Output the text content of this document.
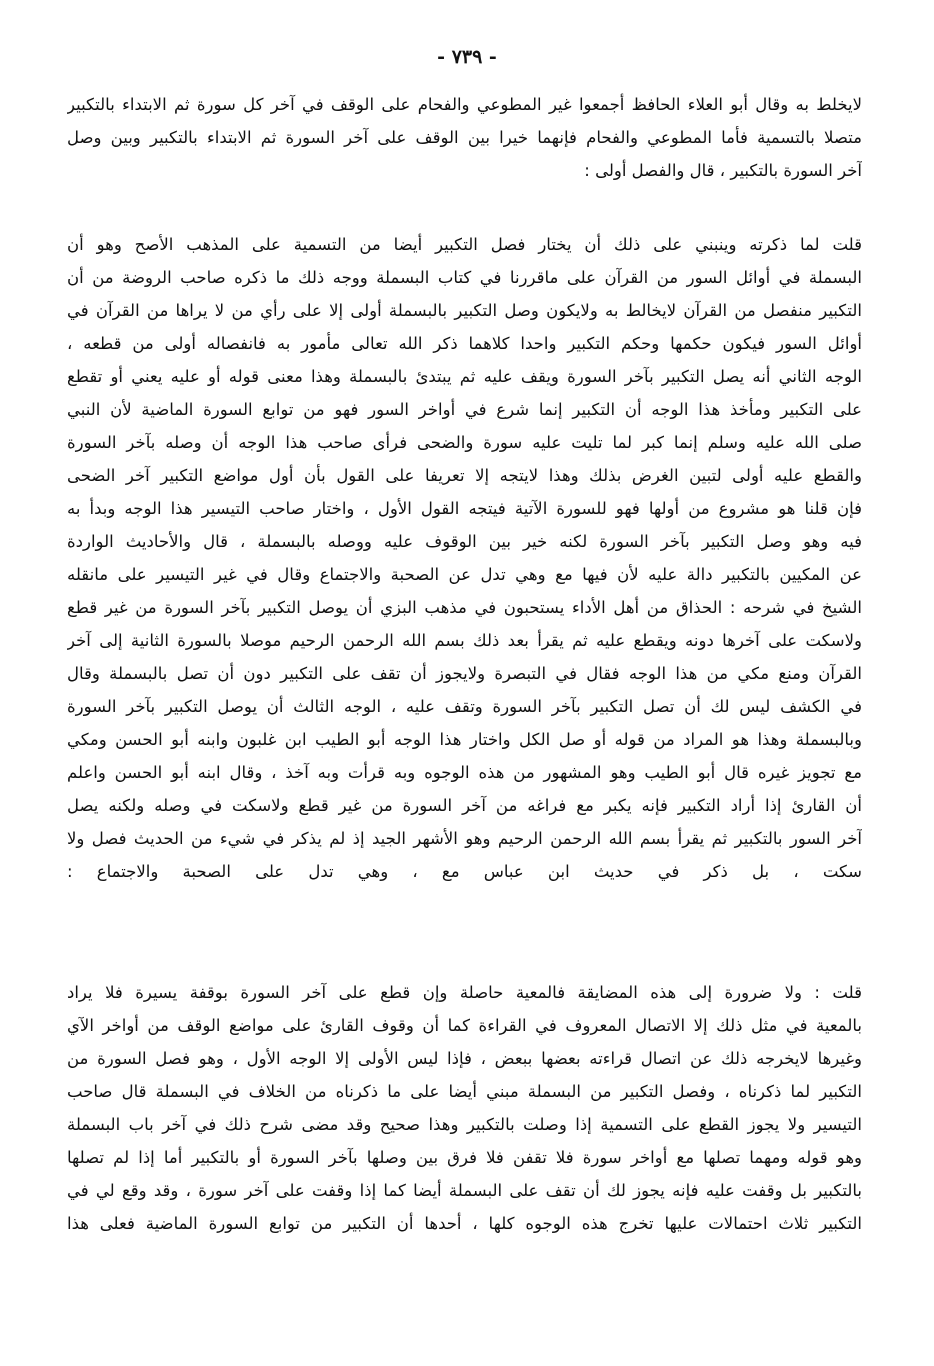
- ٧٣٩ -
لايخلط به وقال أبو العلاء الحافظ أجمعوا غير المطوعي والفحام على الوقف في آخر كل سورة ثم الابتداء بالتكبير
متصلا بالتسمية فأما المطوعي والفحام فإنهما خيرا بين الوقف على آخر السورة ثم الابتداء بالتكبير وبين وصل
آخر السورة بالتكبير ، قال والفصل أولى :
قلت لما ذكرته وينبني على ذلك أن يختار فصل التكبير أيضا من التسمية على المذهب الأصح وهو أن
البسملة في أوائل السور من القرآن على ماقررنا في كتاب البسملة ووجه ذلك ما ذكره صاحب الروضة من أن
التكبير منفصل من القرآن لايخالط به ولايكون وصل التكبير بالبسملة أولى إلا على رأي من لا يراها من القرآن في
أوائل السور فيكون حكمها وحكم التكبير واحدا كلاهما ذكر الله تعالى مأمور به فانفصاله أولى من قطعه ،
الوجه الثاني أنه يصل التكبير بآخر السورة ويقف عليه ثم يبتدئ بالبسملة وهذا معنى قوله أو عليه يعني أو تقطع
على التكبير ومأخذ هذا الوجه أن التكبير إنما شرع في أواخر السور فهو من توابع السورة الماضية لأن النبي
صلى الله عليه وسلم إنما كبر لما تليت عليه سورة والضحى فرأى صاحب هذا الوجه أن وصله بآخر السورة
والقطع عليه أولى لتبين الغرض بذلك وهذا لايتجه إلا تعريفا على القول بأن أول مواضع التكبير آخر الضحى
فإن قلنا هو مشروع من أولها فهو للسورة الآتية فيتجه القول الأول ، واختار صاحب التيسير هذا الوجه وبدأ به
فيه وهو وصل التكبير بآخر السورة لكنه خير بين الوقوف عليه ووصله بالبسملة ، قال والأحاديث الواردة
عن المكيين بالتكبير دالة عليه لأن فيها مع وهي تدل عن الصحبة والاجتماع وقال في غير التيسير على مانقله
الشيخ في شرحه : الحذاق من أهل الأداء يستحبون في مذهب البزي أن يوصل التكبير بآخر السورة من غير قطع
ولاسكت على آخرها دونه ويقطع عليه ثم يقرأ بعد ذلك بسم الله الرحمن الرحيم موصلا بالسورة الثانية إلى آخر
القرآن ومنع مكي من هذا الوجه فقال في التبصرة ولايجوز أن تقف على التكبير دون أن تصل بالبسملة وقال
في الكشف ليس لك أن تصل التكبير بآخر السورة وتقف عليه ، الوجه الثالث أن يوصل التكبير بآخر السورة
وبالبسملة وهذا هو المراد من قوله أو صل الكل واختار هذا الوجه أبو الطيب ابن غلبون وابنه أبو الحسن ومكي
مع تجويز غيره قال أبو الطيب وهو المشهور من هذه الوجوه وبه قرأت وبه آخذ ، وقال ابنه أبو الحسن واعلم
أن القارئ إذا أراد التكبير فإنه يكبر مع فراغه من آخر السورة من غير قطع ولاسكت في وصله ولكنه يصل
آخر السور بالتكبير ثم يقرأ بسم الله الرحمن الرحيم وهو الأشهر الجيد إذ لم يذكر في شيء من الحديث فصل ولا
سكت ، بل ذكر في حديث ابن عباس مع ، وهي تدل على الصحبة والاجتماع :
قلت : ولا ضرورة إلى هذه المضايقة فالمعية حاصلة وإن قطع على آخر السورة بوقفة يسيرة فلا يراد
بالمعية في مثل ذلك إلا الاتصال المعروف في القراءة كما أن وقوف القارئ على مواضع الوقف من أواخر الآي
وغيرها لايخرجه ذلك عن اتصال قراءته بعضها ببعض ، فإذا ليس الأولى إلا الوجه الأول ، وهو فصل السورة من
التكبير لما ذكرناه ، وفصل التكبير من البسملة مبني أيضا على ما ذكرناه من الخلاف في البسملة قال صاحب
التيسير ولا يجوز القطع على التسمية إذا وصلت بالتكبير وهذا صحيح وقد مضى شرح ذلك في آخر باب البسملة
وهو قوله ومهما تصلها مع أواخر سورة فلا تقفن فلا فرق بين وصلها بآخر السورة أو بالتكبير أما إذا لم تصلها
بالتكبير بل وقفت عليه فإنه يجوز لك أن تقف على البسملة أيضا كما إذا وقفت على آخر سورة ، وقد وقع لي في
التكبير ثلاث احتمالات عليها تخرج هذه الوجوه كلها ، أحدها أن التكبير من توابع السورة الماضية فعلى هذا
